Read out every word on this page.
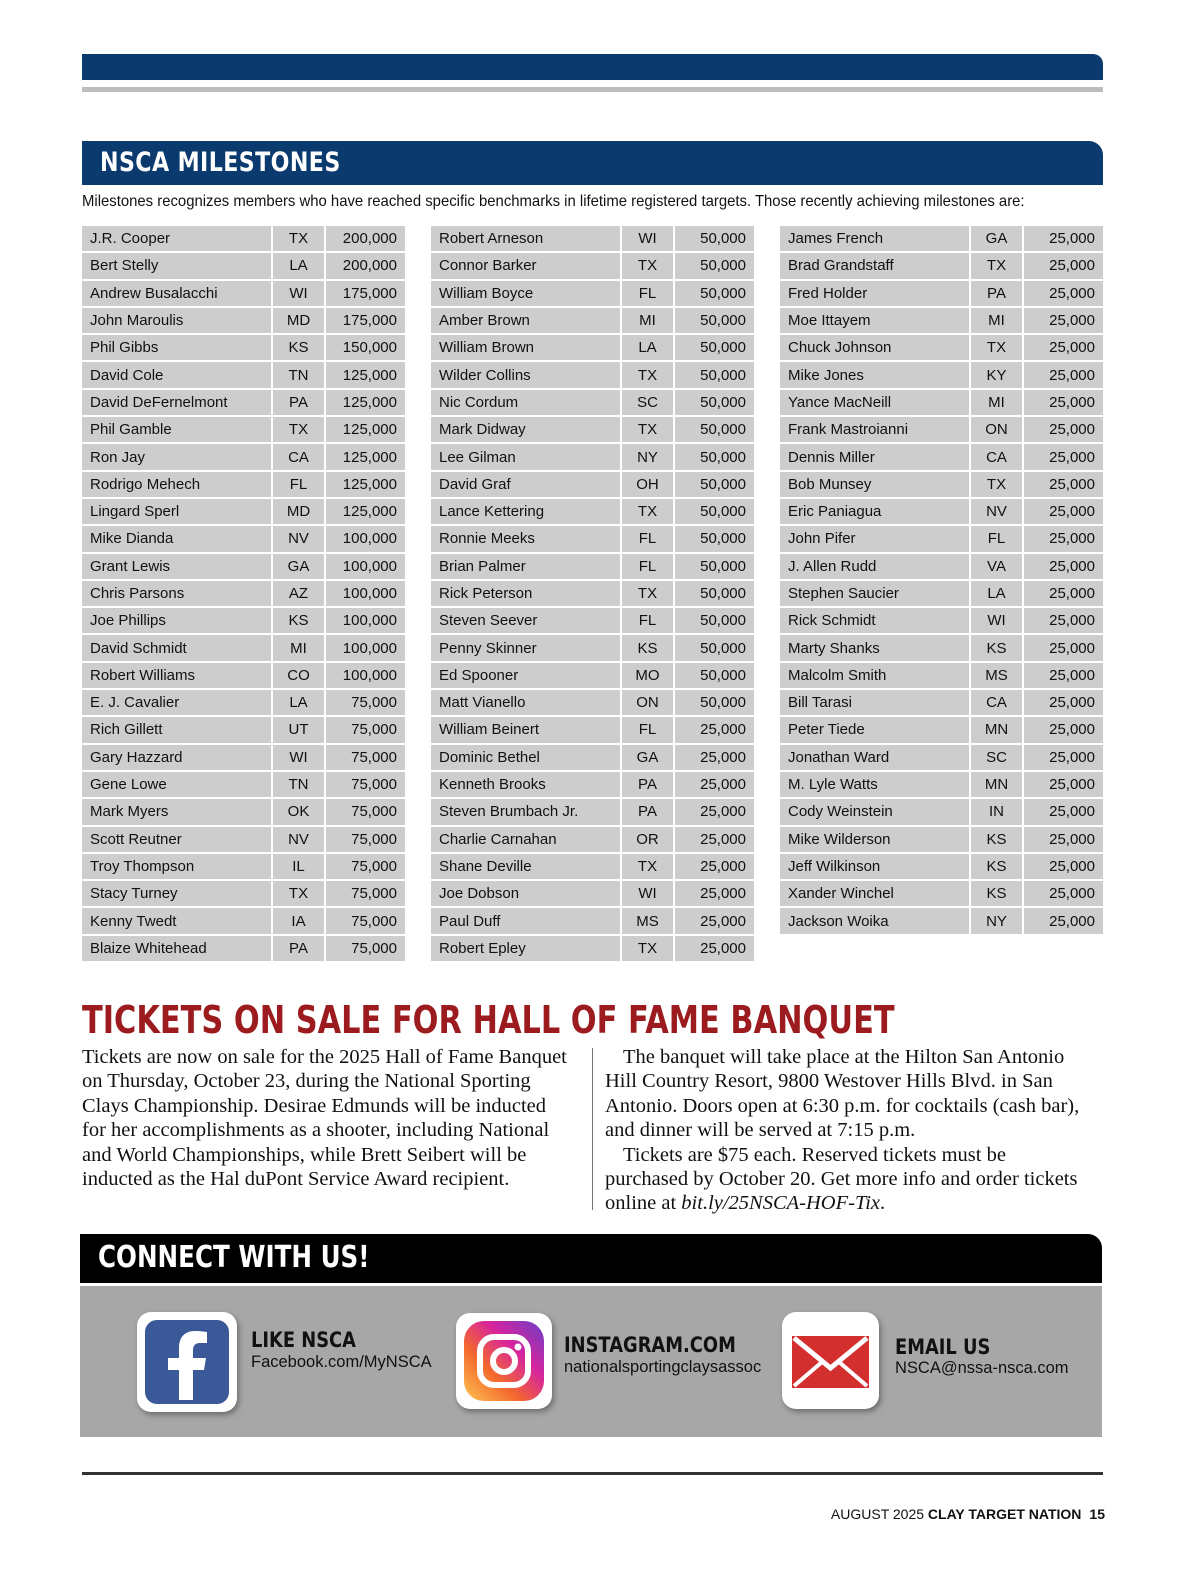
NSCA MILESTONES
Milestones recognizes members who have reached specific benchmarks in lifetime registered targets. Those recently achieving milestones are:
J.R. Cooper	TX	200,000
Bert Stelly	LA	200,000
Andrew Busalacchi	WI	175,000
John Maroulis	MD	175,000
Phil Gibbs	KS	150,000
David Cole	TN	125,000
David DeFernelmont	PA	125,000
Phil Gamble	TX	125,000
Ron Jay	CA	125,000
Rodrigo Mehech	FL	125,000
Lingard Sperl	MD	125,000
Mike Dianda	NV	100,000
Grant Lewis	GA	100,000
Chris Parsons	AZ	100,000
Joe Phillips	KS	100,000
David Schmidt	MI	100,000
Robert Williams	CO	100,000
E. J. Cavalier	LA	75,000
Rich Gillett	UT	75,000
Gary Hazzard	WI	75,000
Gene Lowe	TN	75,000
Mark Myers	OK	75,000
Scott Reutner	NV	75,000
Troy Thompson	IL	75,000
Stacy Turney	TX	75,000
Kenny Twedt	IA	75,000
Blaize Whitehead	PA	75,000
Robert Arneson	WI	50,000
Connor Barker	TX	50,000
William Boyce	FL	50,000
Amber Brown	MI	50,000
William Brown	LA	50,000
Wilder Collins	TX	50,000
Nic Cordum	SC	50,000
Mark Didway	TX	50,000
Lee Gilman	NY	50,000
David Graf	OH	50,000
Lance Kettering	TX	50,000
Ronnie Meeks	FL	50,000
Brian Palmer	FL	50,000
Rick Peterson	TX	50,000
Steven Seever	FL	50,000
Penny Skinner	KS	50,000
Ed Spooner	MO	50,000
Matt Vianello	ON	50,000
William Beinert	FL	25,000
Dominic Bethel	GA	25,000
Kenneth Brooks	PA	25,000
Steven Brumbach Jr.	PA	25,000
Charlie Carnahan	OR	25,000
Shane Deville	TX	25,000
Joe Dobson	WI	25,000
Paul Duff	MS	25,000
Robert Epley	TX	25,000
James French	GA	25,000
Brad Grandstaff	TX	25,000
Fred Holder	PA	25,000
Moe Ittayem	MI	25,000
Chuck Johnson	TX	25,000
Mike Jones	KY	25,000
Yance MacNeill	MI	25,000
Frank Mastroianni	ON	25,000
Dennis Miller	CA	25,000
Bob Munsey	TX	25,000
Eric Paniagua	NV	25,000
John Pifer	FL	25,000
J. Allen Rudd	VA	25,000
Stephen Saucier	LA	25,000
Rick Schmidt	WI	25,000
Marty Shanks	KS	25,000
Malcolm Smith	MS	25,000
Bill Tarasi	CA	25,000
Peter Tiede	MN	25,000
Jonathan Ward	SC	25,000
M. Lyle Watts	MN	25,000
Cody Weinstein	IN	25,000
Mike Wilderson	KS	25,000
Jeff Wilkinson	KS	25,000
Xander Winchel	KS	25,000
Jackson Woika	NY	25,000
TICKETS ON SALE FOR HALL OF FAME BANQUET

Tickets are now on sale for the 2025 Hall of Fame Banquet on Thursday, October 23, during the National Sporting Clays Championship. Desirae Edmunds will be inducted for her accomplishments as a shooter, including National and World Championships, while Brett Seibert will be inducted as the Hal duPont Service Award recipient.

The banquet will take place at the Hilton San Antonio Hill Country Resort, 9800 Westover Hills Blvd. in San Antonio. Doors open at 6:30 p.m. for cocktails (cash bar), and dinner will be served at 7:15 p.m.

Tickets are $75 each. Reserved tickets must be purchased by October 20. Get more info and order tickets online at bit.ly/25NSCA-HOF-Tix.

CONNECT WITH US!
LIKE NSCA
Facebook.com/MyNSCA
INSTAGRAM.COM
nationalsportingclaysassoc
EMAIL US
NSCA@nssa-nsca.com
AUGUST 2025 CLAY TARGET NATION 15
